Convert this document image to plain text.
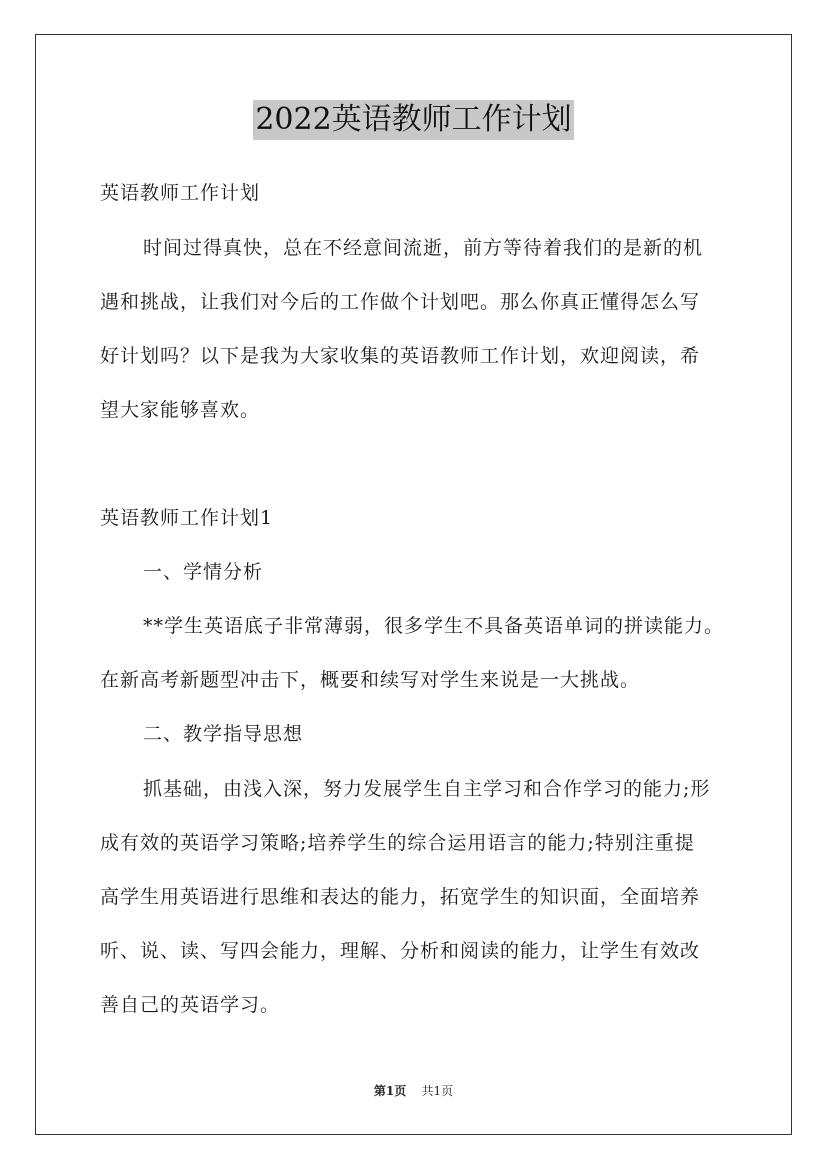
2022英语教师工作计划
英语教师工作计划
时间过得真快，总在不经意间流逝，前方等待着我们的是新的机
遇和挑战，让我们对今后的工作做个计划吧。那么你真正懂得怎么写
好计划吗？以下是我为大家收集的英语教师工作计划，欢迎阅读，希
望大家能够喜欢。
英语教师工作计划1
一、学情分析
**学生英语底子非常薄弱，很多学生不具备英语单词的拼读能力。
在新高考新题型冲击下，概要和续写对学生来说是一大挑战。
二、教学指导思想
抓基础，由浅入深，努力发展学生自主学习和合作学习的能力;形
成有效的英语学习策略;培养学生的综合运用语言的能力;特别注重提
高学生用英语进行思维和表达的能力，拓宽学生的知识面，全面培养
听、说、读、写四会能力，理解、分析和阅读的能力，让学生有效改
善自己的英语学习。
第1页 共1页
